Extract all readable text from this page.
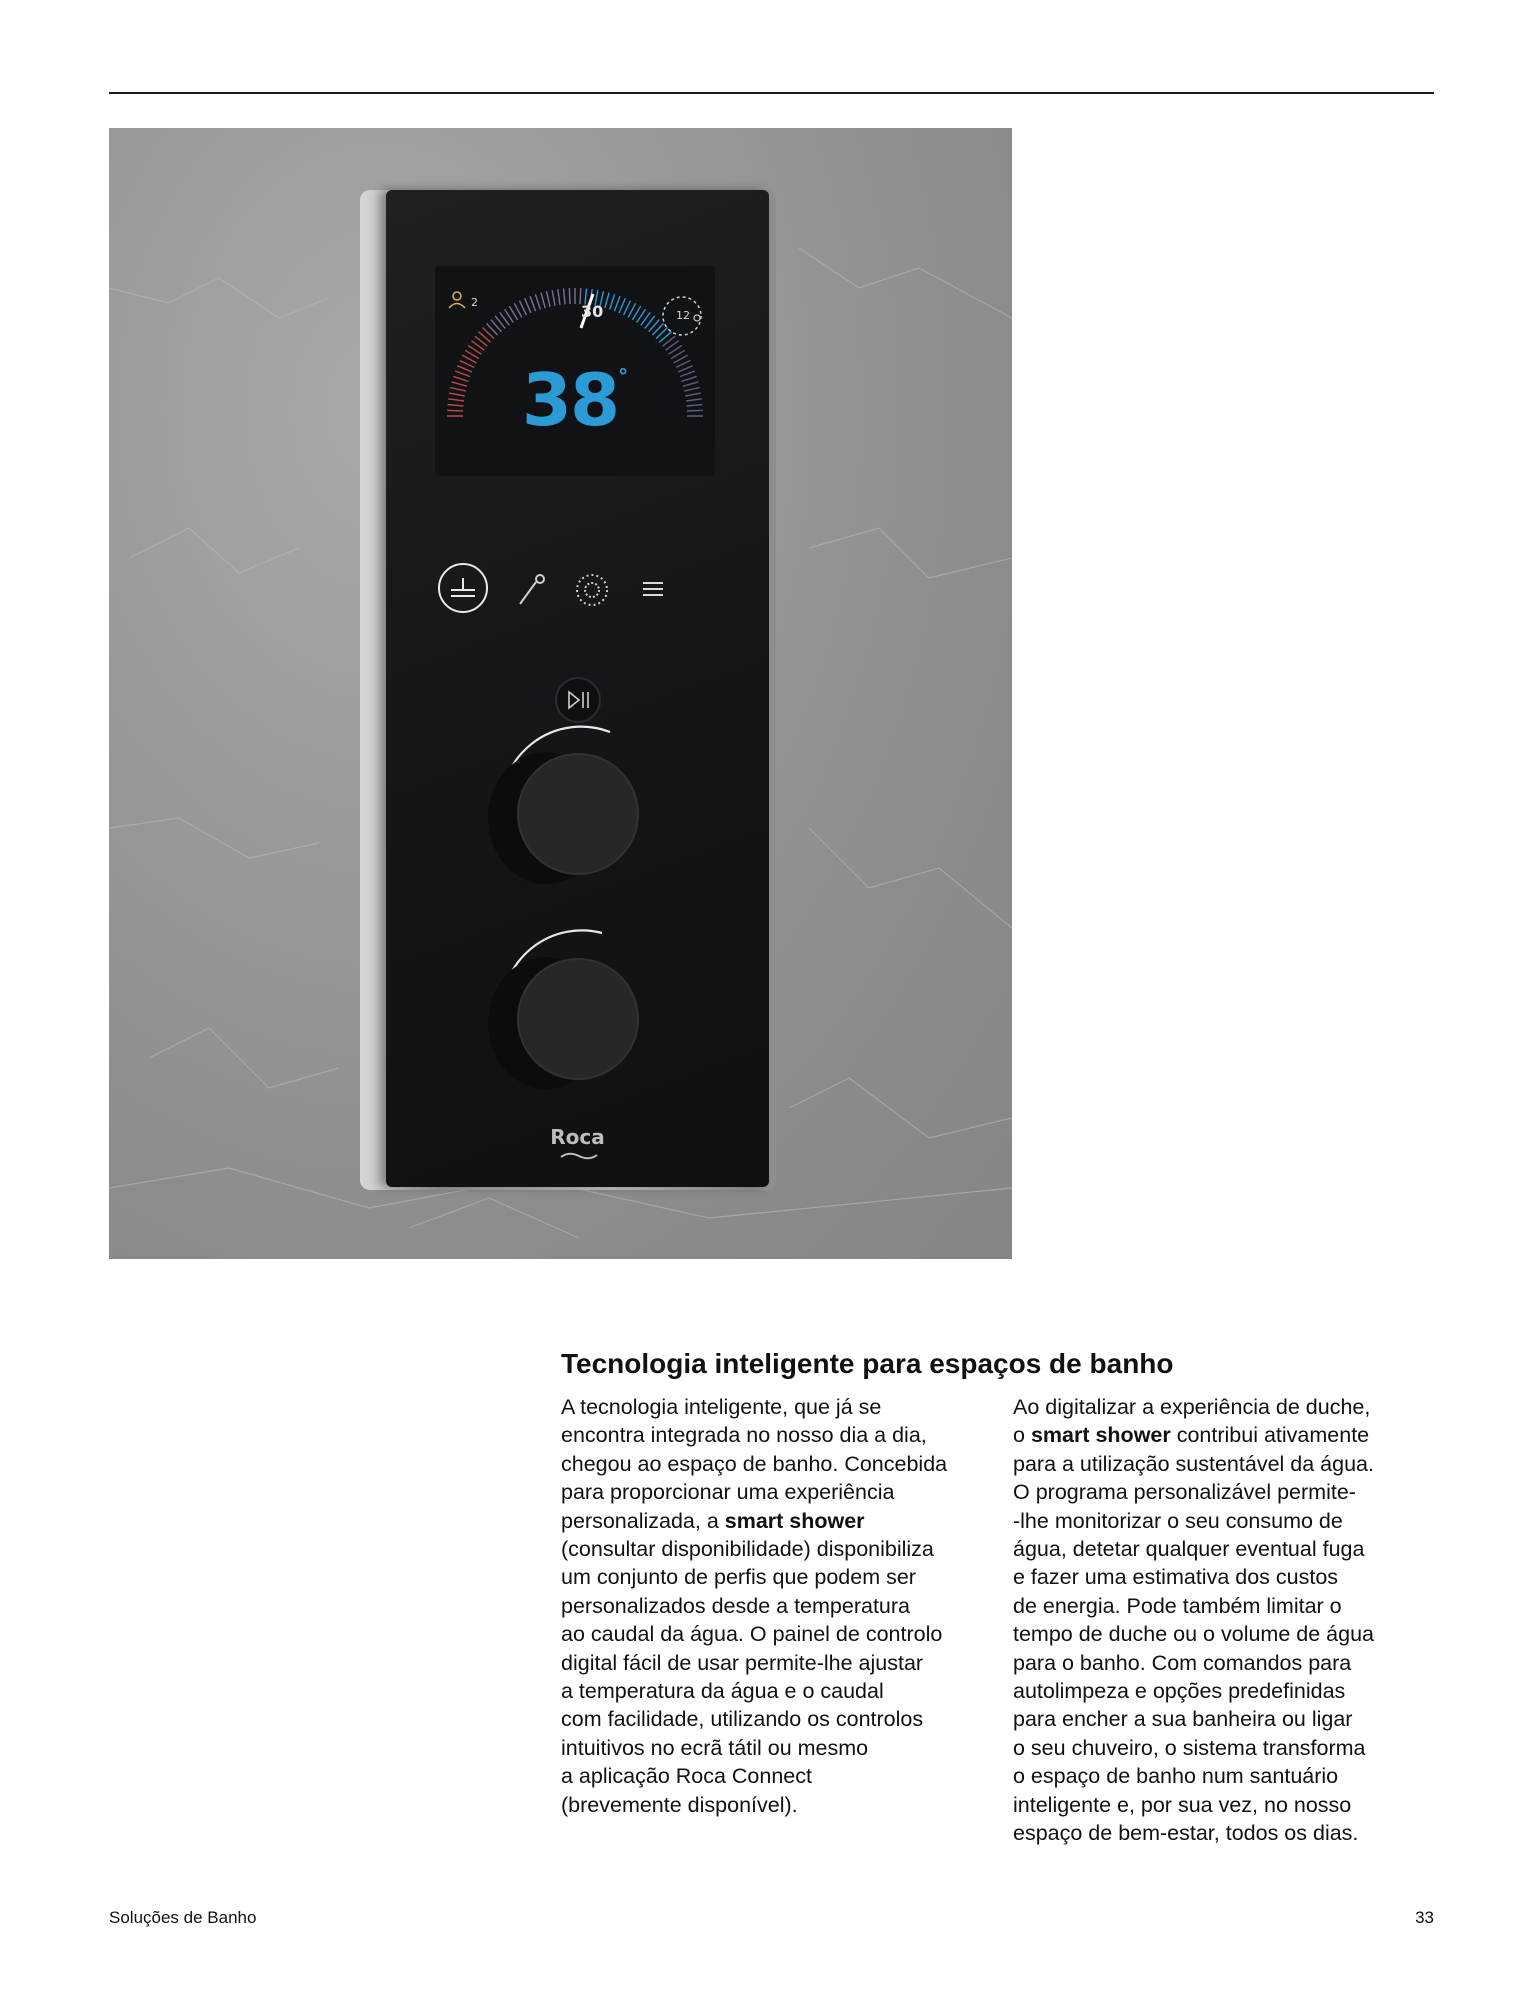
2	30	12
38°
Roca
Tecnologia inteligente para espaços de banho
A tecnologia inteligente, que já se
encontra integrada no nosso dia a dia,
chegou ao espaço de banho. Concebida
para proporcionar uma experiência
personalizada, a smart shower
(consultar disponibilidade) disponibiliza
um conjunto de perfis que podem ser
personalizados desde a temperatura
ao caudal da água. O painel de controlo
digital fácil de usar permite-lhe ajustar
a temperatura da água e o caudal
com facilidade, utilizando os controlos
intuitivos no ecrã tátil ou mesmo
a aplicação Roca Connect
(brevemente disponível).
Ao digitalizar a experiência de duche,
o smart shower contribui ativamente
para a utilização sustentável da água.
O programa personalizável permite-
-lhe monitorizar o seu consumo de
água, detetar qualquer eventual fuga
e fazer uma estimativa dos custos
de energia. Pode também limitar o
tempo de duche ou o volume de água
para o banho. Com comandos para
autolimpeza e opções predefinidas
para encher a sua banheira ou ligar
o seu chuveiro, o sistema transforma
o espaço de banho num santuário
inteligente e, por sua vez, no nosso
espaço de bem-estar, todos os dias.
Soluções de Banho	33
